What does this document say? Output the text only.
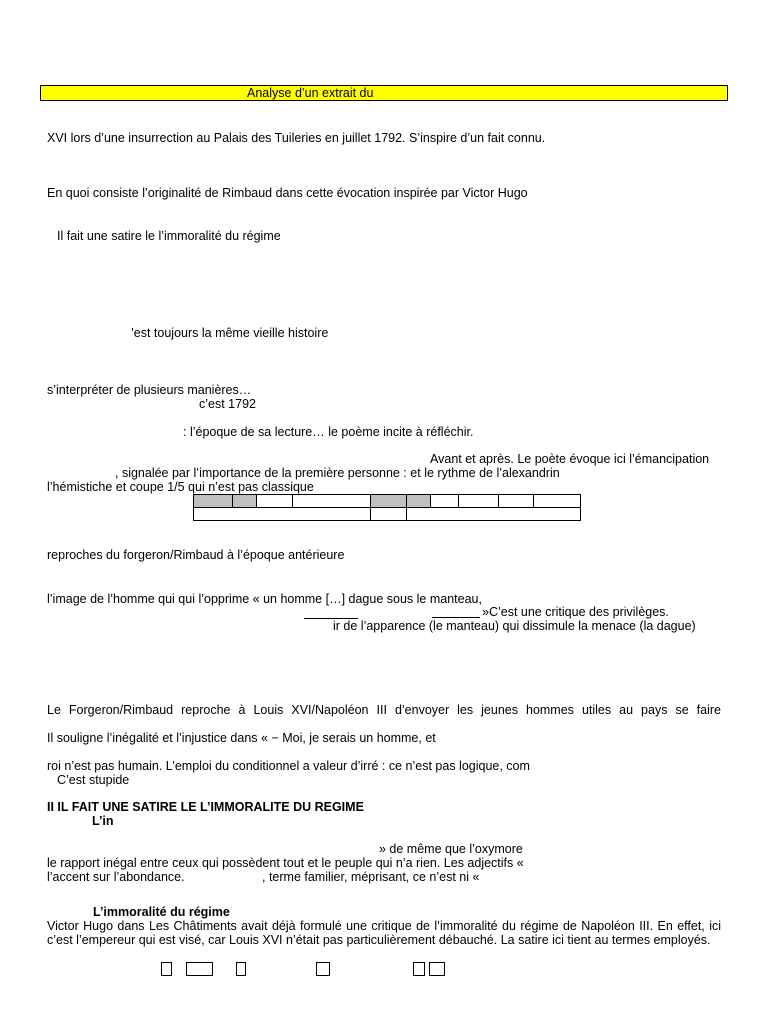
Analyse d’un extrait du
XVI lors d’une insurrection au Palais des Tuileries en juillet 1792. S’inspire d’un fait connu.
En quoi consiste l’originalité de Rimbaud dans cette évocation inspirée par Victor Hugo
Il fait une satire le l’immoralité du régime
’est toujours la même vieille histoire
s’interpréter de plusieurs manières…
c’est 1792
: l’époque de sa lecture… le poème incite à réfléchir.
Avant et après. Le poète évoque ici l’émancipation
, signalée par l’importance de la première personne : et le rythme de l’alexandrin
l’hémistiche et coupe 1/5 qui n’est pas classique

reproches du forgeron/Rimbaud à l’époque antérieure
l’image de l’homme qui qui l’opprime « un homme […] dague sous le manteau,
»C’est une critique des privilèges.
ir de l’apparence (le manteau) qui dissimule la menace (la dague)
Le Forgeron/Rimbaud reproche à Louis XVI/Napoléon III d’envoyer les jeunes hommes utiles au pays se faire
Il souligne l’inégalité et l’injustice dans « − Moi, je serais un homme, et
roi n’est pas humain. L’emploi du conditionnel a valeur d’irré : ce n’est pas logique, com
C’est stupide
II IL FAIT UNE SATIRE LE L’IMMORALITE DU REGIME
L’in
» de même que l’oxymore
le rapport inégal entre ceux qui possèdent tout et le peuple qui n’a rien. Les adjectifs «
l’accent sur l’abondance.	, terme familier, méprisant, ce n’est ni «
L’immoralité du régime
Victor Hugo dans Les Châtiments avait déjà formulé une critique de l’immoralité du régime de Napoléon III. En effet, ici
c’est l’empereur qui est visé, car Louis XVI n’était pas particulièrement débauché. La satire ici tient au termes employés.
